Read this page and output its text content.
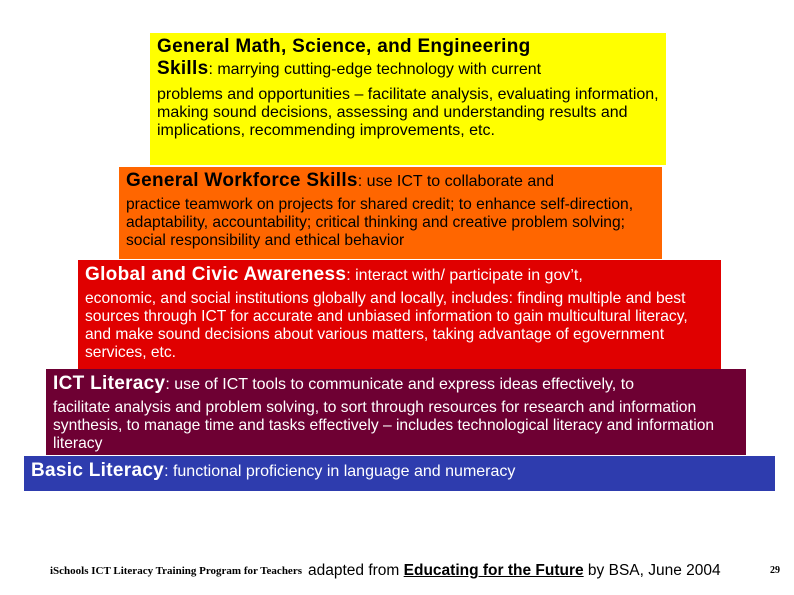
General Math, Science, and Engineering
Skills: marrying cutting-edge technology with current

problems and opportunities – facilitate analysis, evaluating information, making sound decisions, assessing and understanding results and implications, recommending improvements, etc.

General Workforce Skills: use ICT to collaborate and

practice teamwork on projects for shared credit; to enhance self-direction, adaptability, accountability; critical thinking and creative problem solving; social responsibility and ethical behavior

Global and Civic Awareness: interact with/ participate in gov’t,

economic, and social institutions globally and locally, includes: finding multiple and best sources through ICT for accurate and unbiased information to gain multicultural literacy, and make sound decisions about various matters, taking advantage of egovernment services, etc.

ICT Literacy: use of ICT tools to communicate and express ideas effectively, to

facilitate analysis and problem solving, to sort through resources for research and information synthesis, to manage time and tasks effectively – includes technological literacy and information literacy

Basic Literacy: functional proficiency in language and numeracy
iSchools ICT Literacy Training Program for Teachers adapted from Educating for the Future by BSA, June 2004	29
